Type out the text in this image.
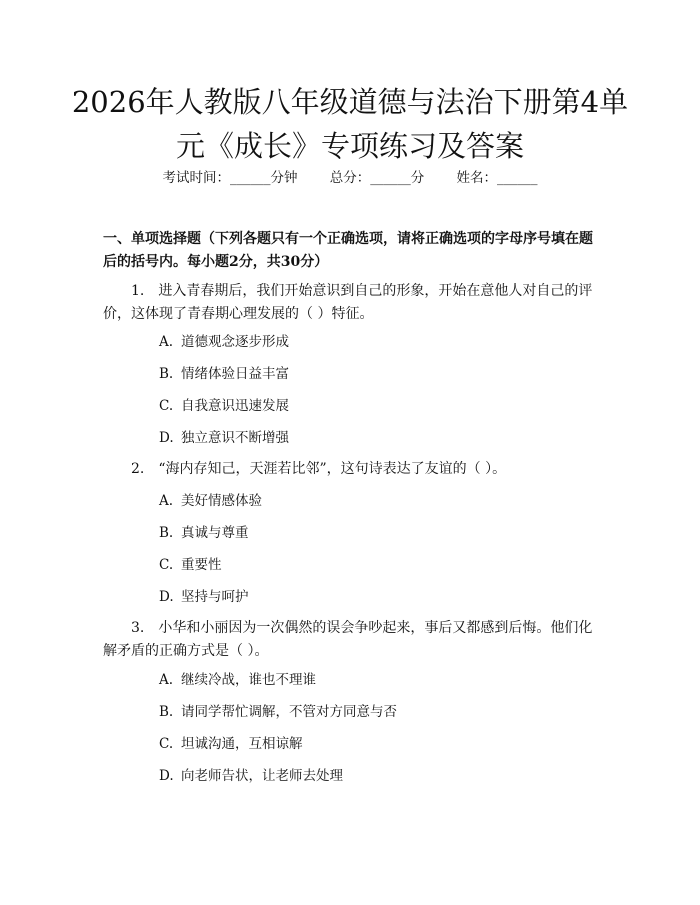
2026年人教版八年级道德与法治下册第4单元《成长》专项练习及答案
考试时间：______分钟 总分：______分 姓名：______
一、单项选择题（下列各题只有一个正确选项，请将正确选项的字母序号填在题后的括号内。每小题2分，共30分）
1. 进入青春期后，我们开始意识到自己的形象，开始在意他人对自己的评价，这体现了青春期心理发展的（ ）特征。
A. 道德观念逐步形成
B. 情绪体验日益丰富
C. 自我意识迅速发展
D. 独立意识不断增强
2. “海内存知己，天涯若比邻”，这句诗表达了友谊的（ ）。
A. 美好情感体验
B. 真诚与尊重
C. 重要性
D. 坚持与呵护
3. 小华和小丽因为一次偶然的误会争吵起来，事后又都感到后悔。他们化解矛盾的正确方式是（ ）。
A. 继续冷战，谁也不理谁
B. 请同学帮忙调解，不管对方同意与否
C. 坦诚沟通，互相谅解
D. 向老师告状，让老师去处理
